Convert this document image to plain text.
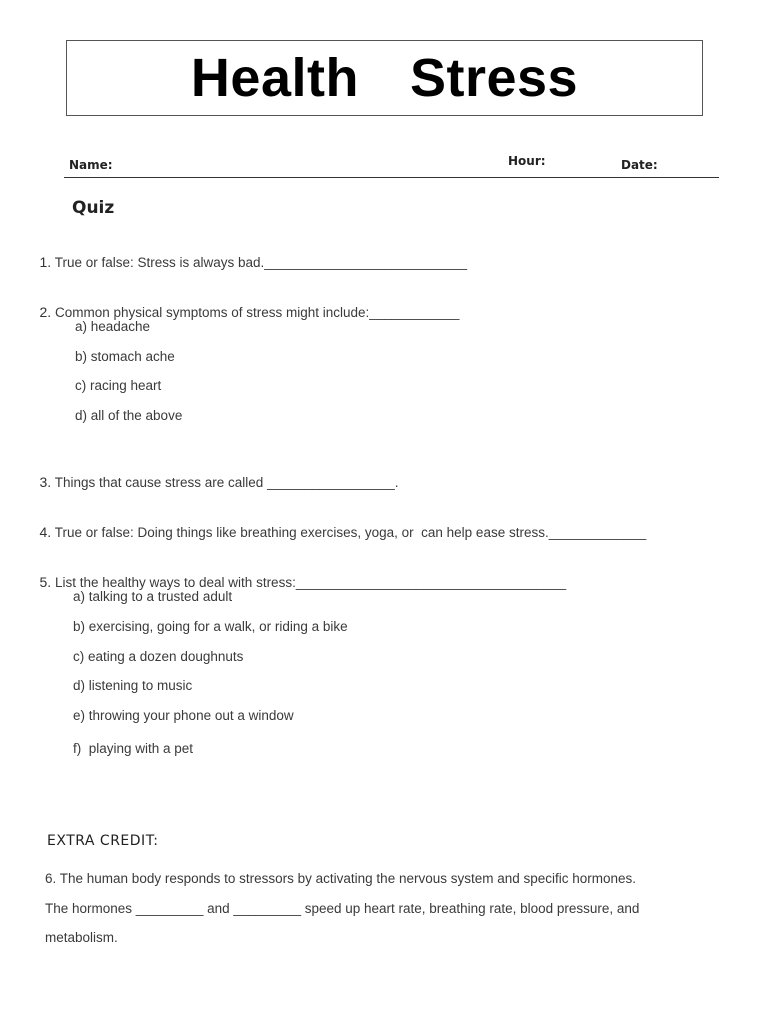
Health  Stress
Name:	Hour:	Date:
Quiz

1. True or false: Stress is always bad.___________________________

2. Common physical symptoms of stress might include:____________

a) headache
b) stomach ache
c) racing heart
d) all of the above

3. Things that cause stress are called _________________.

4. True or false: Doing things like breathing exercises, yoga, or  can help ease stress._____________

5. List the healthy ways to deal with stress:____________________________________

a) talking to a trusted adult
b) exercising, going for a walk, or riding a bike
c) eating a dozen doughnuts
d) listening to music
e) throwing your phone out a window
f)  playing with a pet
EXTRA CREDIT:
6. The human body responds to stressors by activating the nervous system and specific hormones.
The hormones _________ and _________ speed up heart rate, breathing rate, blood pressure, and
metabolism.
